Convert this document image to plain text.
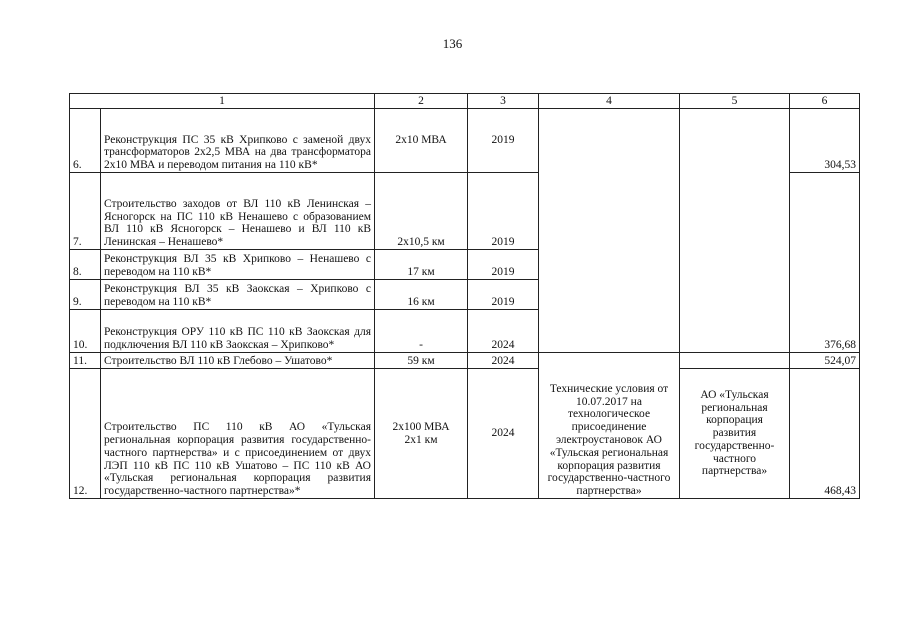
136
1		2	3	4	5	6
6.	Реконструкция ПС 35 кВ Хрипково с заменой двух трансформаторов 2х2,5 МВА на два трансформатора 2х10 МВА и переводом питания на 110 кВ*	2х10 МВА	2019			304,53
7.	Строительство заходов от ВЛ 110 кВ Ленинская – Ясногорск на ПС 110 кВ Ненашево с образованием ВЛ 110 кВ Ясногорск – Ненашево и ВЛ 110 кВ Ленинская – Ненашево*	2х10,5 км	2019			376,68
8.	Реконструкция ВЛ 35 кВ Хрипково – Ненашево с переводом на 110 кВ*	17 км	2019			
9.	Реконструкция ВЛ 35 кВ Заокская – Хрипково с переводом на 110 кВ*	16 км	2019			
10.	Реконструкция ОРУ 110 кВ ПС 110 кВ Заокская для подключения ВЛ 110 кВ Заокская – Хрипково*	-	2024			
11.	Строительство ВЛ 110 кВ Глебово – Ушатово*	59 км	2024	Технические условия от 10.07.2017 на технологическое присоединение электроустановок АО «Тульская региональная корпорация развития государственно-частного партнерства»		524,07
12.	Строительство ПС 110 кВ АО «Тульская региональная корпорация развития государственно-частного партнерства» и с присоединением от двух ЛЭП 110 кВ ПС 110 кВ Ушатово – ПС 110 кВ АО «Тульская региональная корпорация развития государственно-частного партнерства»*	2х100 МВА
2х1 км	2024		АО «Тульская региональная корпорация развития государственно-частного партнерства»	468,43
